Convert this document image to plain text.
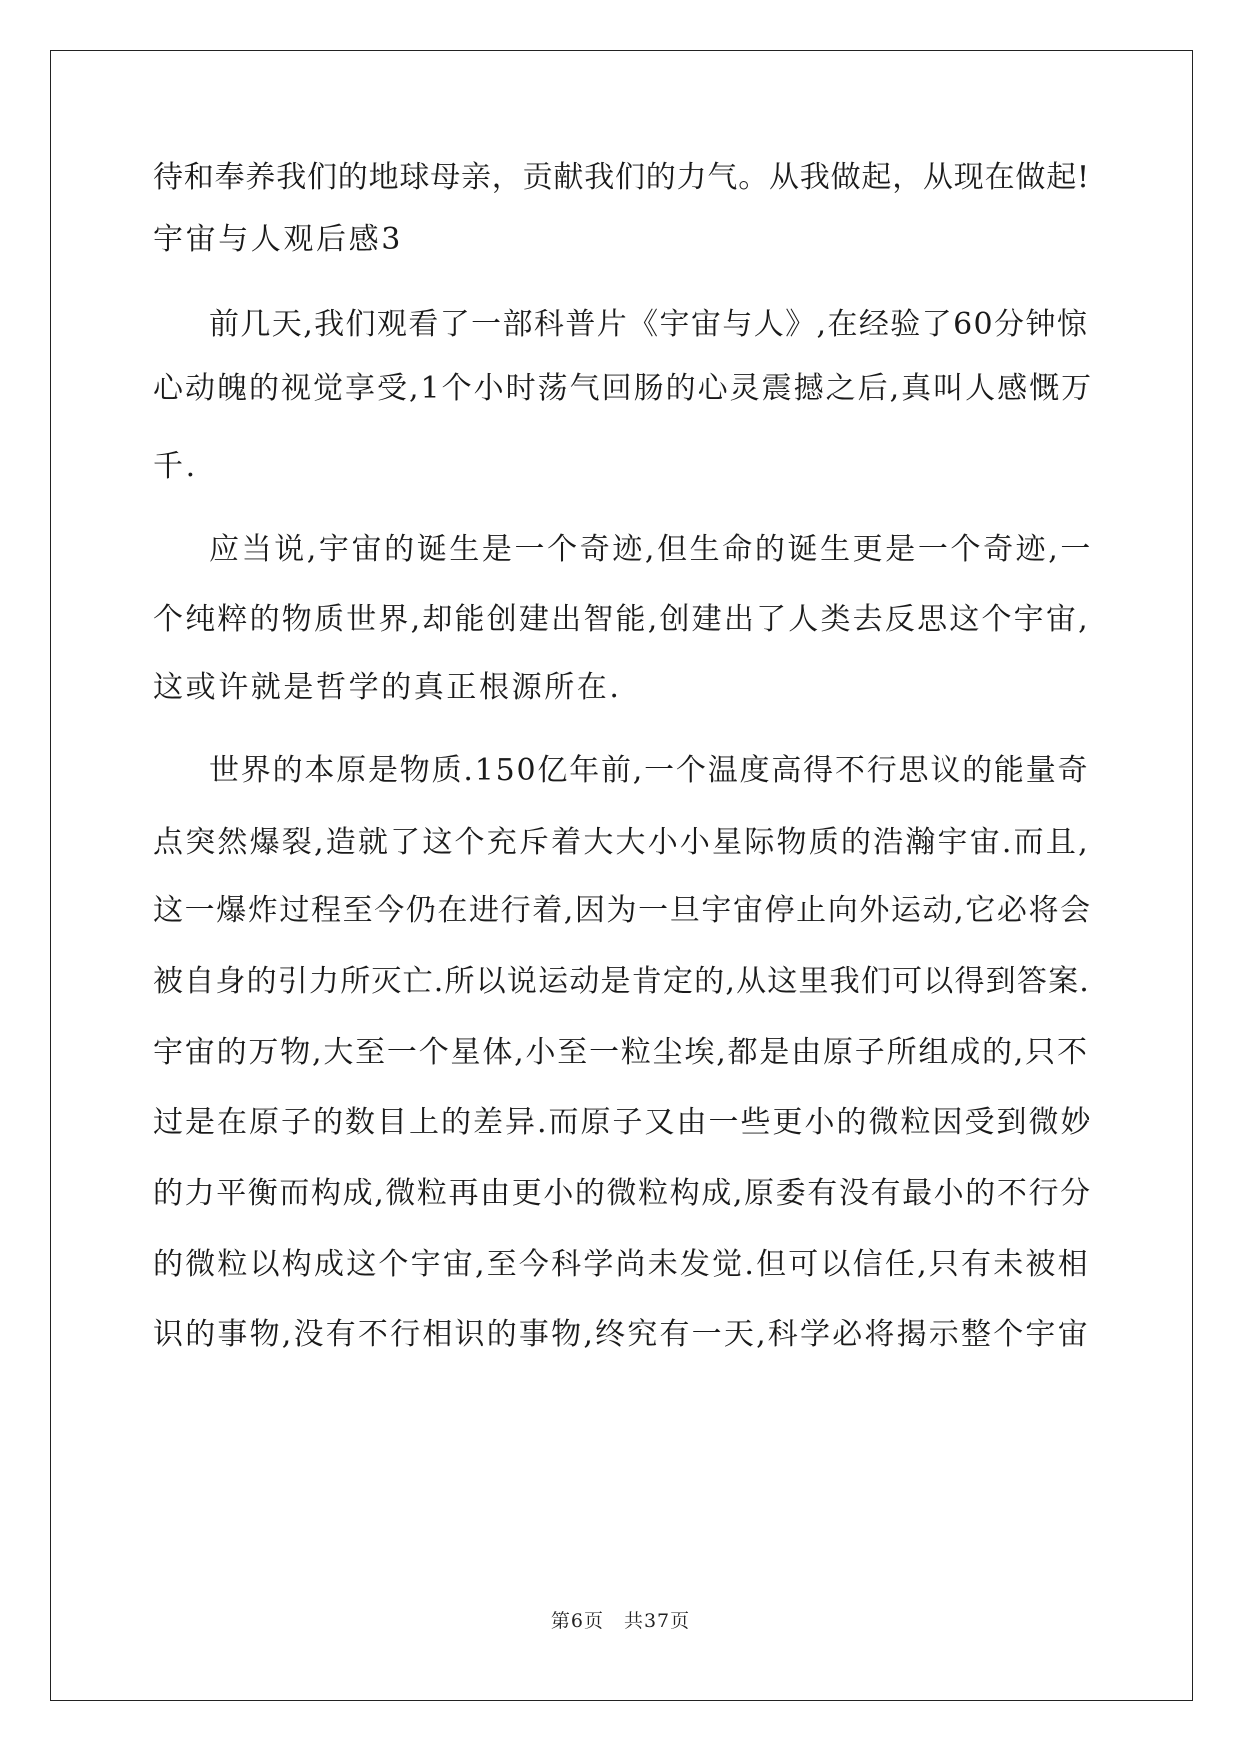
待和奉养我们的地球母亲，贡献我们的力气。从我做起，从现在做起!
宇宙与人观后感3
前几天,我们观看了一部科普片《宇宙与人》,在经验了60分钟惊
心动魄的视觉享受,1个小时荡气回肠的心灵震撼之后,真叫人感慨万
千.
应当说,宇宙的诞生是一个奇迹,但生命的诞生更是一个奇迹,一
个纯粹的物质世界,却能创建出智能,创建出了人类去反思这个宇宙,
这或许就是哲学的真正根源所在.
世界的本原是物质.150亿年前,一个温度高得不行思议的能量奇
点突然爆裂,造就了这个充斥着大大小小星际物质的浩瀚宇宙.而且,
这一爆炸过程至今仍在进行着,因为一旦宇宙停止向外运动,它必将会
被自身的引力所灭亡.所以说运动是肯定的,从这里我们可以得到答案.
宇宙的万物,大至一个星体,小至一粒尘埃,都是由原子所组成的,只不
过是在原子的数目上的差异.而原子又由一些更小的微粒因受到微妙
的力平衡而构成,微粒再由更小的微粒构成,原委有没有最小的不行分
的微粒以构成这个宇宙,至今科学尚未发觉.但可以信任,只有未被相
识的事物,没有不行相识的事物,终究有一天,科学必将揭示整个宇宙
第6页　共37页
